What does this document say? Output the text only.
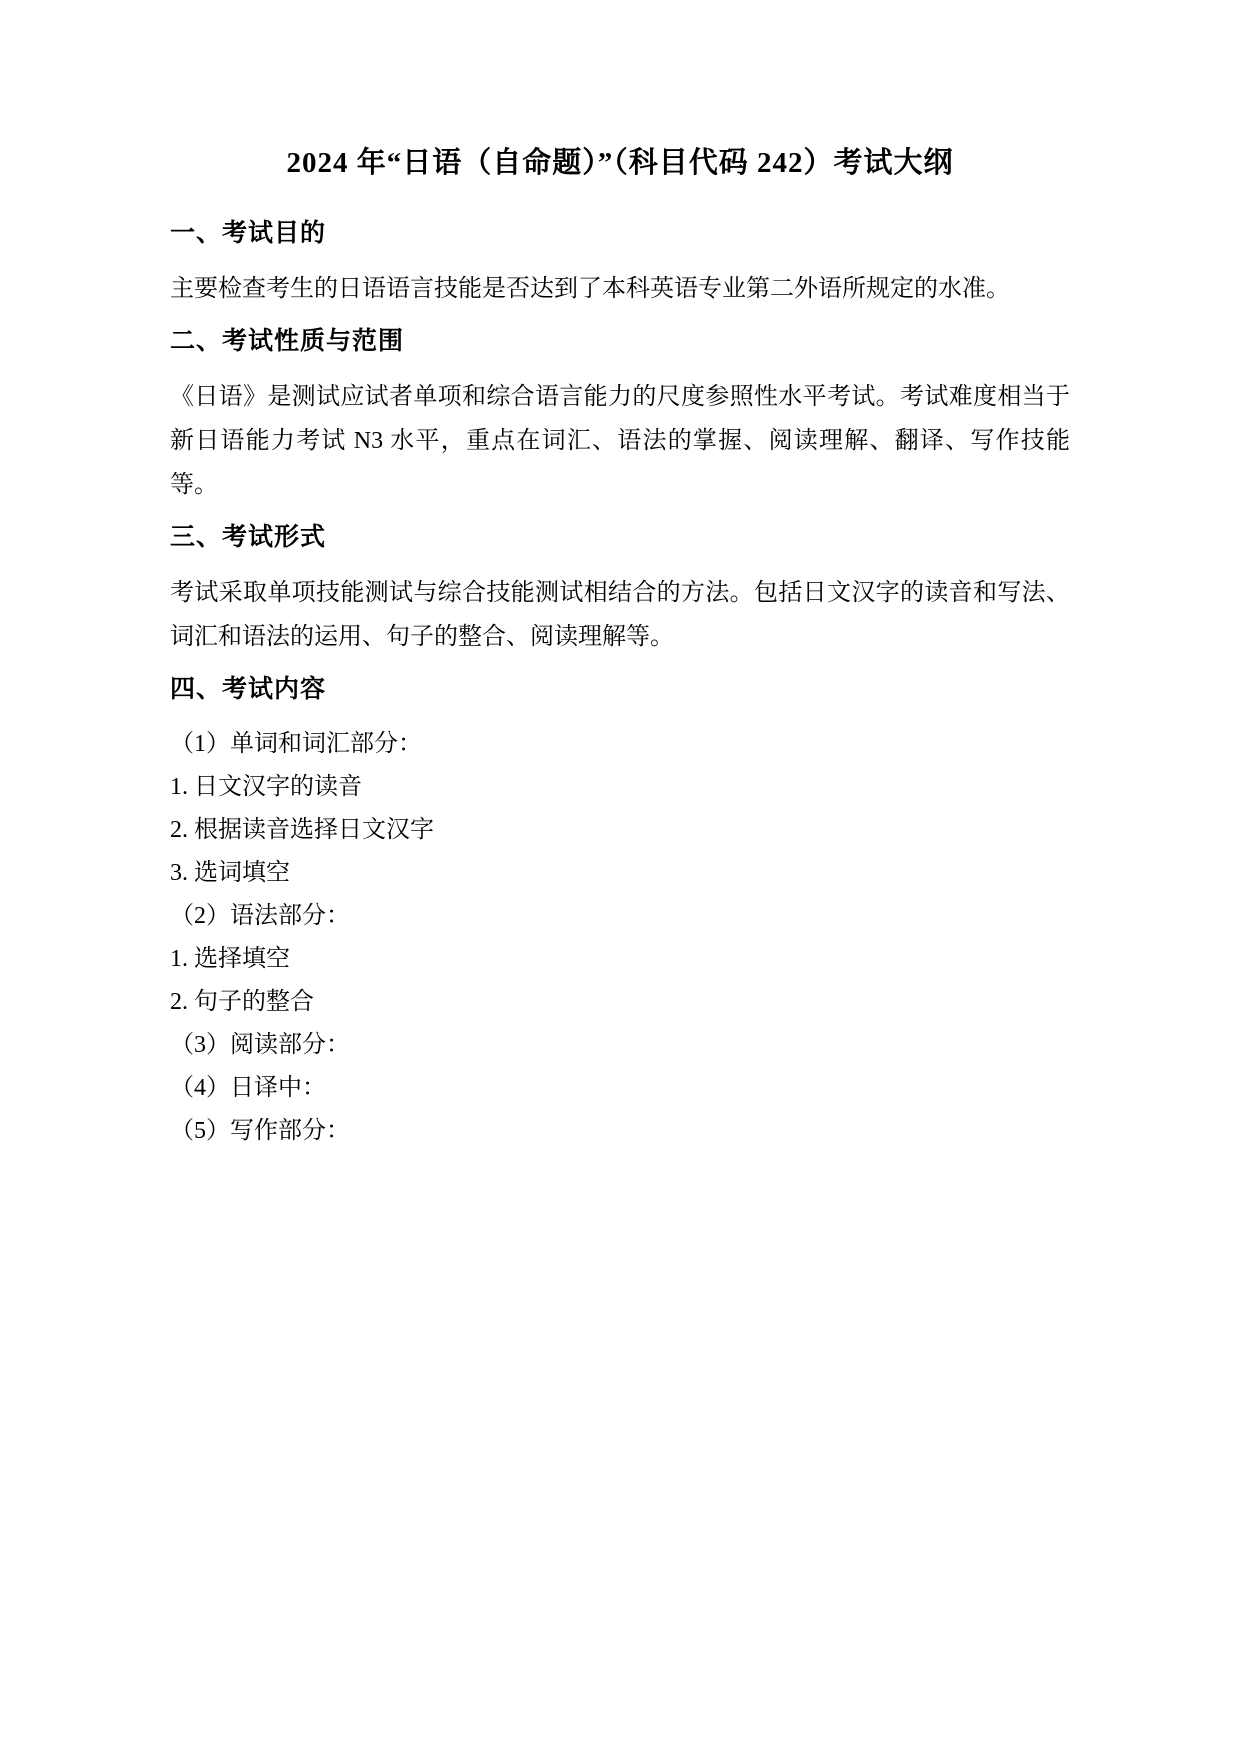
2024 年“日语（自命题）”（科目代码 242）考试大纲
一、考试目的

主要检查考生的日语语言技能是否达到了本科英语专业第二外语所规定的水准。

二、考试性质与范围

《日语》是测试应试者单项和综合语言能力的尺度参照性水平考试。考试难度相当于新日语能力考试 N3 水平，重点在词汇、语法的掌握、阅读理解、翻译、写作技能等。

三、考试形式

考试采取单项技能测试与综合技能测试相结合的方法。包括日文汉字的读音和写法、词汇和语法的运用、句子的整合、阅读理解等。

四、考试内容

（1）单词和词汇部分：

1. 日文汉字的读音

2. 根据读音选择日文汉字

3. 选词填空

（2）语法部分：

1. 选择填空

2. 句子的整合

（3）阅读部分：

（4）日译中：

（5）写作部分：
